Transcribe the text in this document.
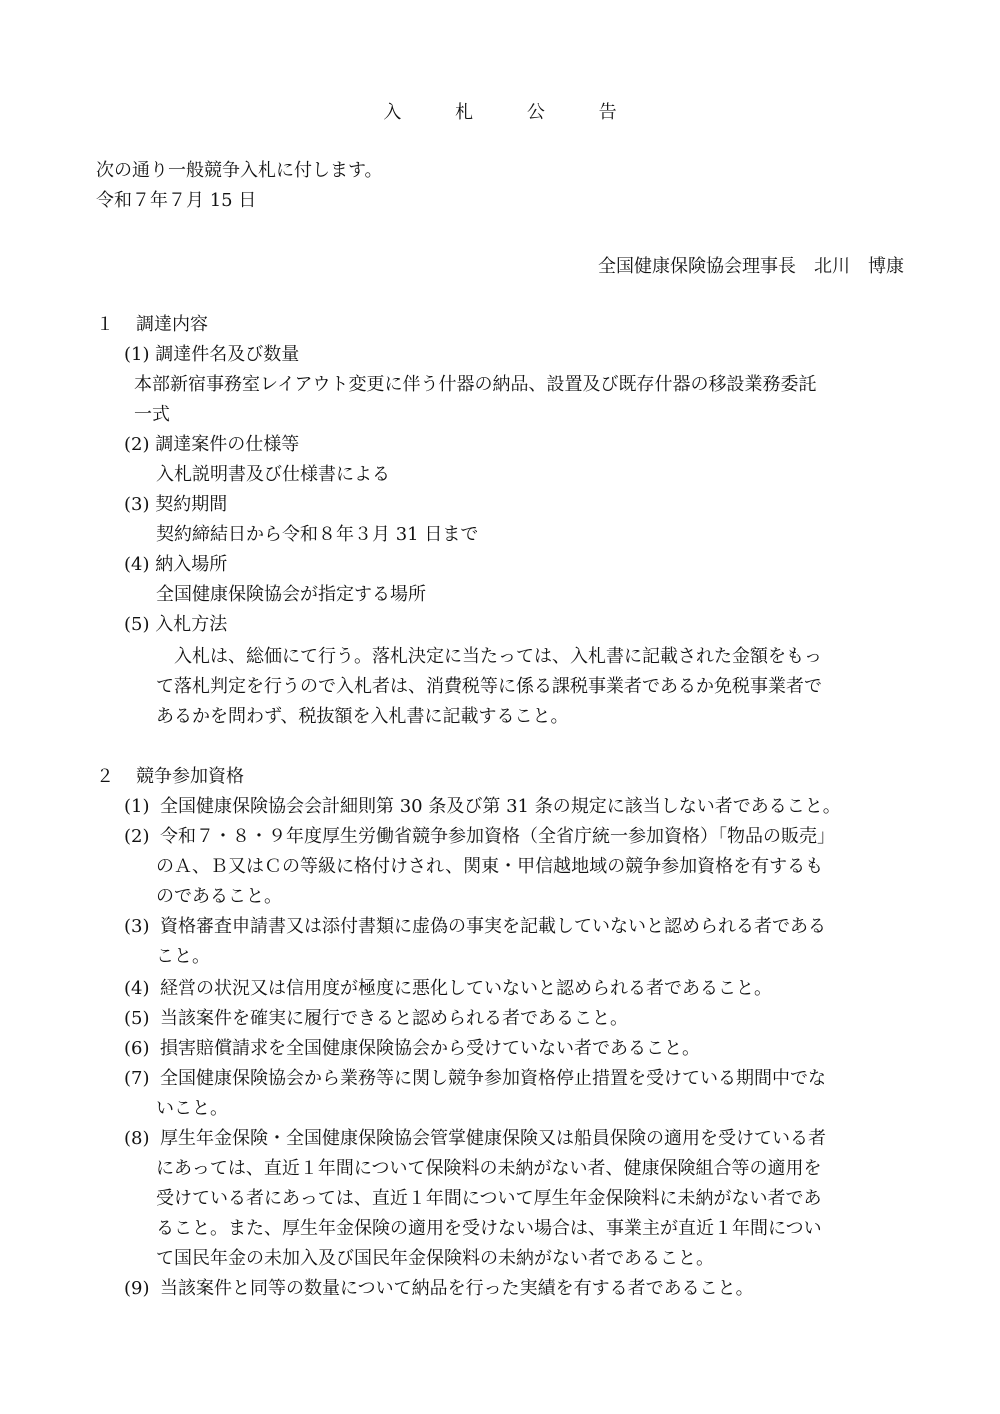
入 札 公 告
次の通り一般競争入札に付します。
令和７年７月 15 日
全国健康保険協会理事長　北川　博康
１ 調達内容
(1) 調達件名及び数量
本部新宿事務室レイアウト変更に伴う什器の納品、設置及び既存什器の移設業務委託
一式
(2) 調達案件の仕様等
入札説明書及び仕様書による
(3) 契約期間
契約締結日から令和８年３月 31 日まで
(4) 納入場所
全国健康保険協会が指定する場所
(5) 入札方法
　入札は、総価にて行う。落札決定に当たっては、入札書に記載された金額をもっ
て落札判定を行うので入札者は、消費税等に係る課税事業者であるか免税事業者で
あるかを問わず、税抜額を入札書に記載すること。
２ 競争参加資格
(1) 全国健康保険協会会計細則第 30 条及び第 31 条の規定に該当しない者であること。
(2) 令和７・８・９年度厚生労働省競争参加資格（全省庁統一参加資格）「物品の販売」
のＡ、Ｂ又はＣの等級に格付けされ、関東・甲信越地域の競争参加資格を有するも
のであること。
(3) 資格審査申請書又は添付書類に虚偽の事実を記載していないと認められる者である
こと。
(4) 経営の状況又は信用度が極度に悪化していないと認められる者であること。
(5) 当該案件を確実に履行できると認められる者であること。
(6) 損害賠償請求を全国健康保険協会から受けていない者であること。
(7) 全国健康保険協会から業務等に関し競争参加資格停止措置を受けている期間中でな
いこと。
(8) 厚生年金保険・全国健康保険協会管掌健康保険又は船員保険の適用を受けている者
にあっては、直近１年間について保険料の未納がない者、健康保険組合等の適用を
受けている者にあっては、直近１年間について厚生年金保険料に未納がない者であ
ること。また、厚生年金保険の適用を受けない場合は、事業主が直近１年間につい
て国民年金の未加入及び国民年金保険料の未納がない者であること。
(9) 当該案件と同等の数量について納品を行った実績を有する者であること。
